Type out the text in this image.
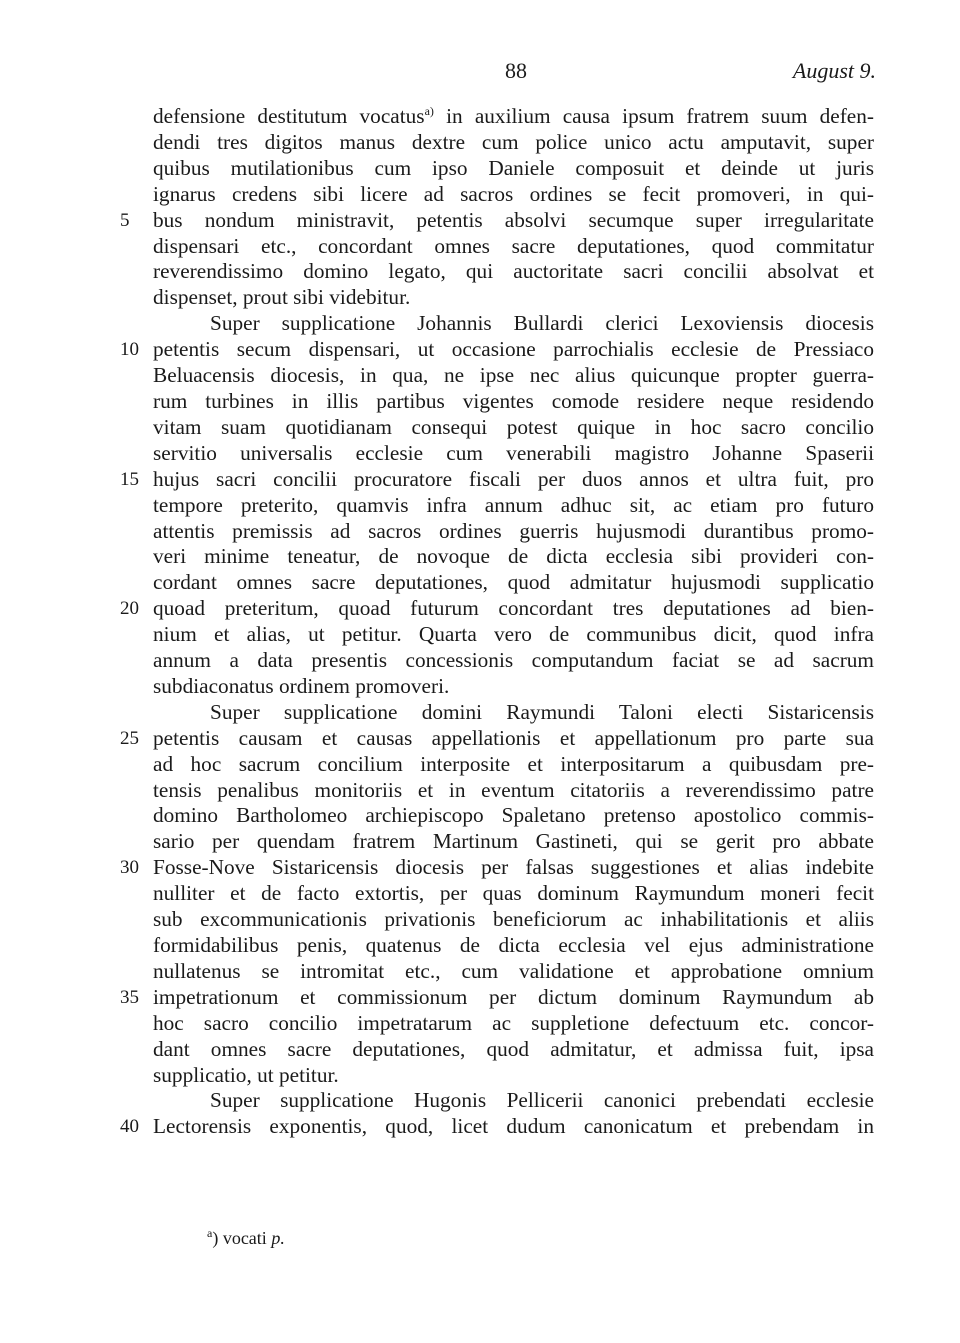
88	August 9.
defensione destitutum vocatus$^{a)}$ in auxilium causa ipsum fratrem suum defen-
dendi tres digitos manus dextre cum police unico actu amputavit, super
quibus mutilationibus cum ipso Daniele composuit et deinde ut juris
ignarus credens sibi licere ad sacros ordines se fecit promoveri, in qui-
5	bus nondum ministravit, petentis absolvi secumque super irregularitate
dispensari etc., concordant omnes sacre deputationes, quod commitatur
reverendissimo domino legato, qui auctoritate sacri concilii absolvat et
dispenset, prout sibi videbitur.
Super supplicatione Johannis Bullardi clerici Lexoviensis diocesis
10 petentis secum dispensari, ut occasione parrochialis ecclesie de Pressiaco
Beluacensis diocesis, in qua, ne ipse nec alius quicunque propter guerra-
rum turbines in illis partibus vigentes comode residere neque residendo
vitam suam quotidianam consequi potest quique in hoc sacro concilio
servitio universalis ecclesie cum venerabili magistro Johanne Spaserii
15 hujus sacri concilii procuratore fiscali per duos annos et ultra fuit, pro
tempore preterito, quamvis infra annum adhuc sit, ac etiam pro futuro
attentis premissis ad sacros ordines guerris hujusmodi durantibus promo-
veri minime teneatur, de novoque de dicta ecclesia sibi provideri con-
cordant omnes sacre deputationes, quod admitatur hujusmodi supplicatio
20 quoad preteritum, quoad futurum concordant tres deputationes ad bien-
nium et alias, ut petitur. Quarta vero de communibus dicit, quod infra
annum a data presentis concessionis computandum faciat se ad sacrum
subdiaconatus ordinem promoveri.
Super supplicatione domini Raymundi Taloni electi Sistaricensis
25 petentis causam et causas appellationis et appellationum pro parte sua
ad hoc sacrum concilium interposite et interpositarum a quibusdam pre-
tensis penalibus monitoriis et in eventum citatoriis a reverendissimo patre
domino Bartholomeo archiepiscopo Spaletano pretenso apostolico commis-
sario per quendam fratrem Martinum Gastineti, qui se gerit pro abbate
30 Fosse-Nove Sistaricensis diocesis per falsas suggestiones et alias indebite
nulliter et de facto extortis, per quas dominum Raymundum moneri fecit
sub excommunicationis privationis beneficiorum ac inhabilitationis et aliis
formidabilibus penis, quatenus de dicta ecclesia vel ejus administratione
nullatenus se intromitat etc., cum validatione et approbatione omnium
35 impetrationum et commissionum per dictum dominum Raymundum ab
hoc sacro concilio impetratarum ac suppletione defectuum etc. concor-
dant omnes sacre deputationes, quod admitatur, et admissa fuit, ipsa
supplicatio, ut petitur.
Super supplicatione Hugonis Pellicerii canonici prebendati ecclesie
40 Lectorensis exponentis, quod, licet dudum canonicatum et prebendam in
$^a$) vocati p.
